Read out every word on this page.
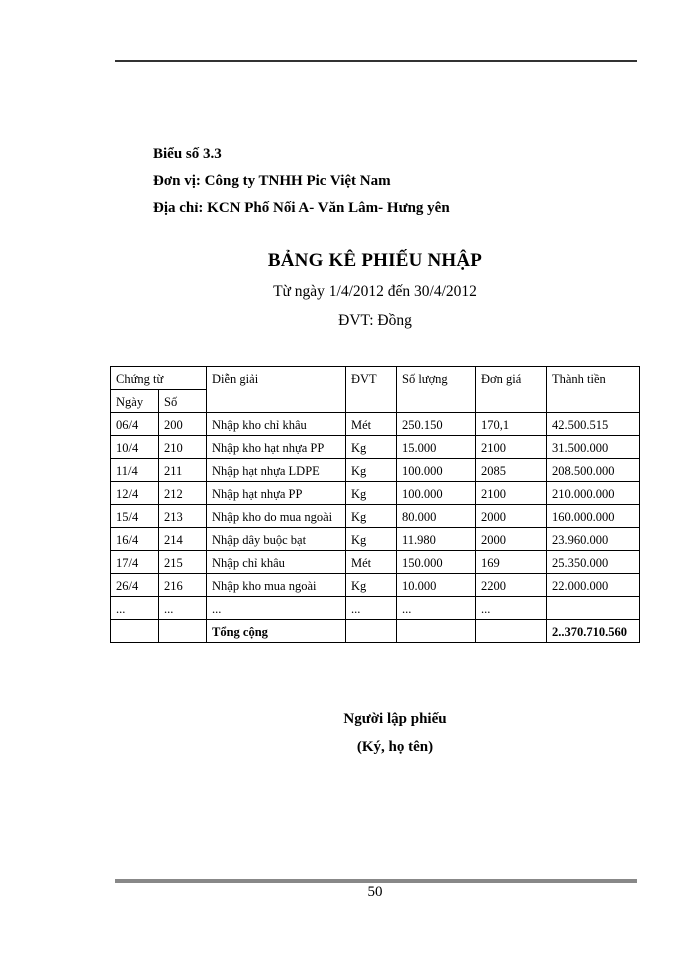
Biểu số 3.3
Đơn vị: Công ty TNHH Pic Việt Nam
Địa chỉ: KCN Phố Nối A- Văn Lâm- Hưng yên
BẢNG KÊ PHIẾU NHẬP
Từ ngày 1/4/2012 đến 30/4/2012
ĐVT: Đồng
Chứng từ		Diễn giải	ĐVT	Số lượng	Đơn giá	Thành tiền
Ngày	Số					
06/4	200	Nhập kho chỉ khâu	Mét	250.150	170,1	42.500.515
10/4	210	Nhập kho hạt nhựa PP	Kg	15.000	2100	31.500.000
11/4	211	Nhập hạt nhựa LDPE	Kg	100.000	2085	208.500.000
12/4	212	Nhập hạt nhựa PP	Kg	100.000	2100	210.000.000
15/4	213	Nhập kho do mua ngoài	Kg	80.000	2000	160.000.000
16/4	214	Nhập dây buộc bạt	Kg	11.980	2000	23.960.000
17/4	215	Nhập chỉ khâu	Mét	150.000	169	25.350.000
26/4	216	Nhập kho mua ngoài	Kg	10.000	2200	22.000.000
...	...	...	...	...	...	
		Tổng cộng				2..370.710.560
Người lập phiếu
(Ký, họ tên)
50
